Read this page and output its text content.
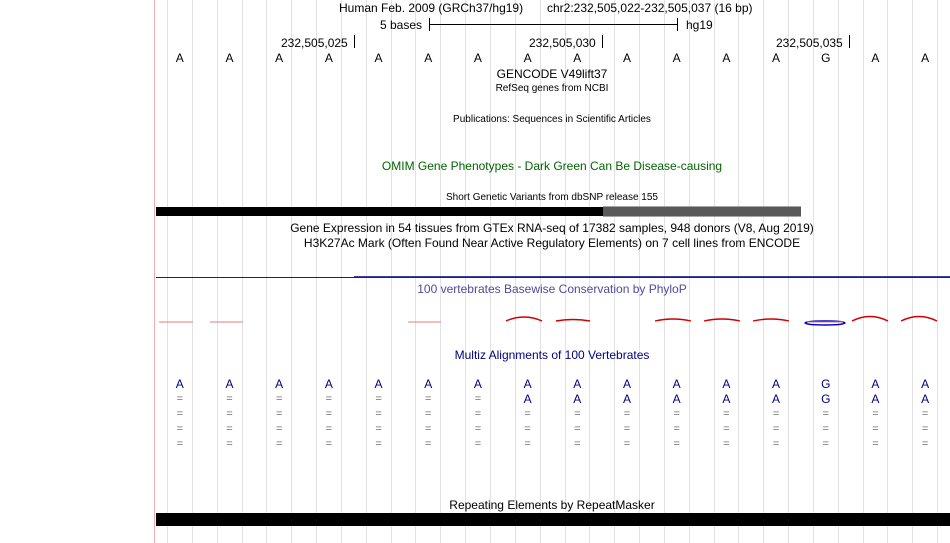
Human Feb. 2009 (GRCh37/hg19) chr2:232,505,022-232,505,037 (16 bp)
5 bases	hg19
232,505,025	232,505,030	232,505,035
A	A	A	A	A	A	A	A	A	A	A	A	A	G	A	A
GENCODE V49lift37
RefSeq genes from NCBI
Publications: Sequences in Scientific Articles
OMIM Gene Phenotypes - Dark Green Can Be Disease-causing
Short Genetic Variants from dbSNP release 155
Gene Expression in 54 tissues from GTEx RNA-seq of 17382 samples, 948 donors (V8, Aug 2019)
H3K27Ac Mark (Often Found Near Active Regulatory Elements) on 7 cell lines from ENCODE
100 vertebrates Basewise Conservation by PhyloP
Multiz Alignments of 100 Vertebrates
A	A	A	A	A	A	A	A	A	A	A	A	A	G	A	A
=	=	=	=	=	=	=	A	A	A	A	A	A	G	A	A
=	=	=	=	=	=	=	=	=	=	=	=	=	=	=	=
=	=	=	=	=	=	=	=	=	=	=	=	=	=	=	=
=	=	=	=	=	=	=	=	=	=	=	=	=	=	=	=
Repeating Elements by RepeatMasker
